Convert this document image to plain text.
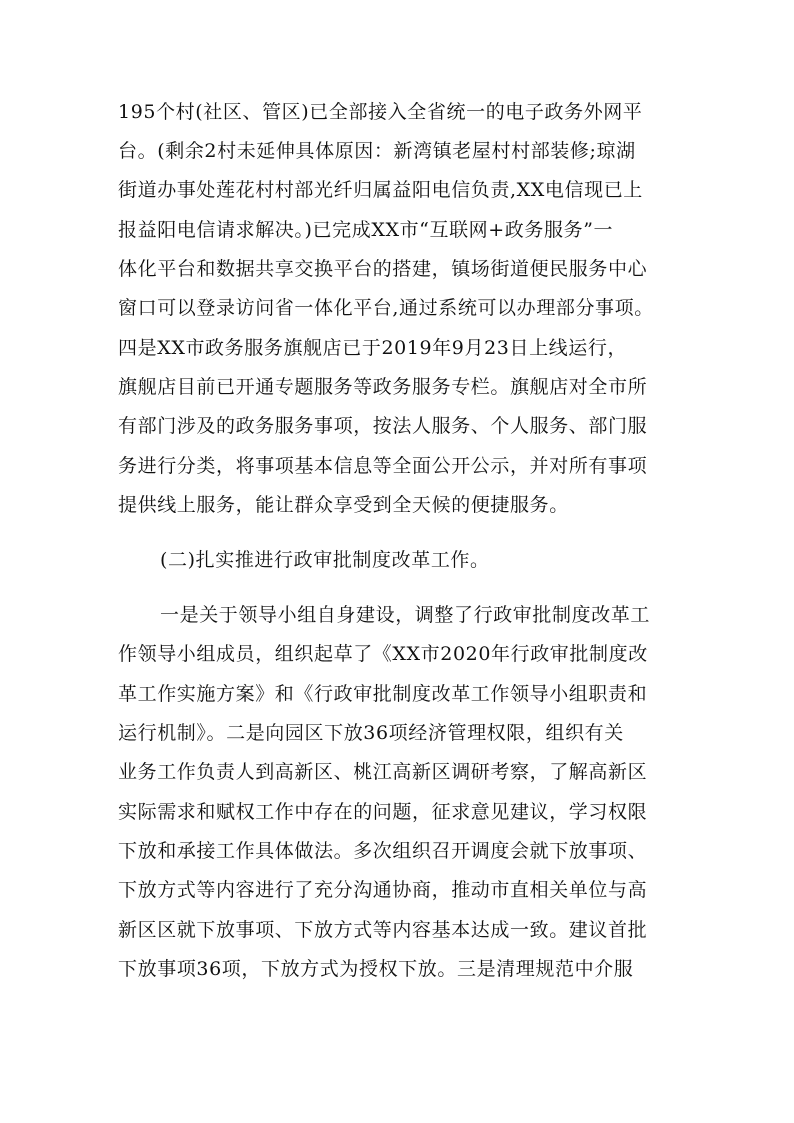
195个村(社区、管区)已全部接入全省统一的电子政务外网平
台。(剩余2村未延伸具体原因：新湾镇老屋村村部装修;琼湖
街道办事处莲花村村部光纤归属益阳电信负责,XX电信现已上
报益阳电信请求解决。)已完成XX市“互联网+政务服务”一
体化平台和数据共享交换平台的搭建，镇场街道便民服务中心
窗口可以登录访问省一体化平台,通过系统可以办理部分事项。
四是XX市政务服务旗舰店已于2019年9月23日上线运行，
旗舰店目前已开通专题服务等政务服务专栏。旗舰店对全市所
有部门涉及的政务服务事项，按法人服务、个人服务、部门服
务进行分类，将事项基本信息等全面公开公示，并对所有事项
提供线上服务，能让群众享受到全天候的便捷服务。
(二)扎实推进行政审批制度改革工作。
一是关于领导小组自身建设，调整了行政审批制度改革工
作领导小组成员，组织起草了《XX市2020年行政审批制度改
革工作实施方案》和《行政审批制度改革工作领导小组职责和
运行机制》。二是向园区下放36项经济管理权限，组织有关
业务工作负责人到高新区、桃江高新区调研考察，了解高新区
实际需求和赋权工作中存在的问题，征求意见建议，学习权限
下放和承接工作具体做法。多次组织召开调度会就下放事项、
下放方式等内容进行了充分沟通协商，推动市直相关单位与高
新区区就下放事项、下放方式等内容基本达成一致。建议首批
下放事项36项，下放方式为授权下放。三是清理规范中介服
